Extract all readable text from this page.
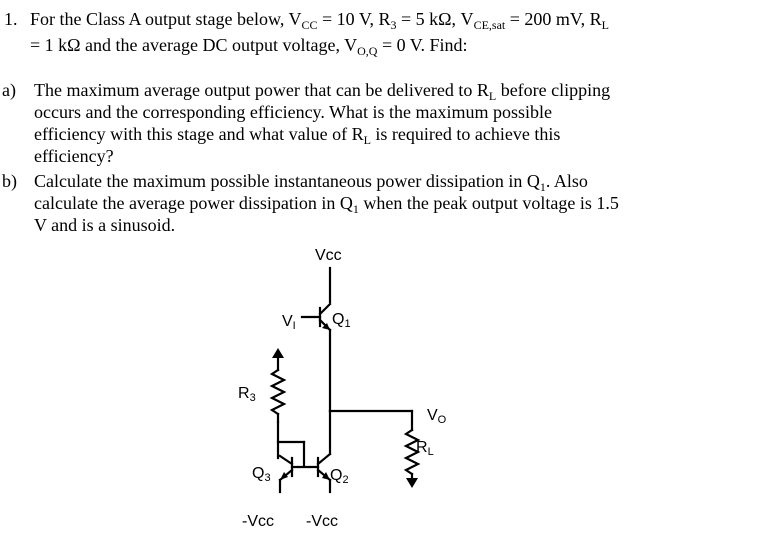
1. For the Class A output stage below, $V_{CC} = 10$ V, $R_3 = 5$ kΩ, $V_{CE,sat} = 200$ mV, $R_L$
= 1 kΩ and the average DC output voltage, $V_{O,Q} = 0$ V. Find:
a) The maximum average output power that can be delivered to $R_L$ before clipping
occurs and the corresponding efficiency. What is the maximum possible
efficiency with this stage and what value of $R_L$ is required to achieve this
efficiency?
b) Calculate the maximum possible instantaneous power dissipation in $Q_1$. Also
calculate the average power dissipation in $Q_1$ when the peak output voltage is 1.5
V and is a sinusoid.
Vcc
VI Q1
VO
RL
R3
Q3	Q2
-Vcc -Vcc
